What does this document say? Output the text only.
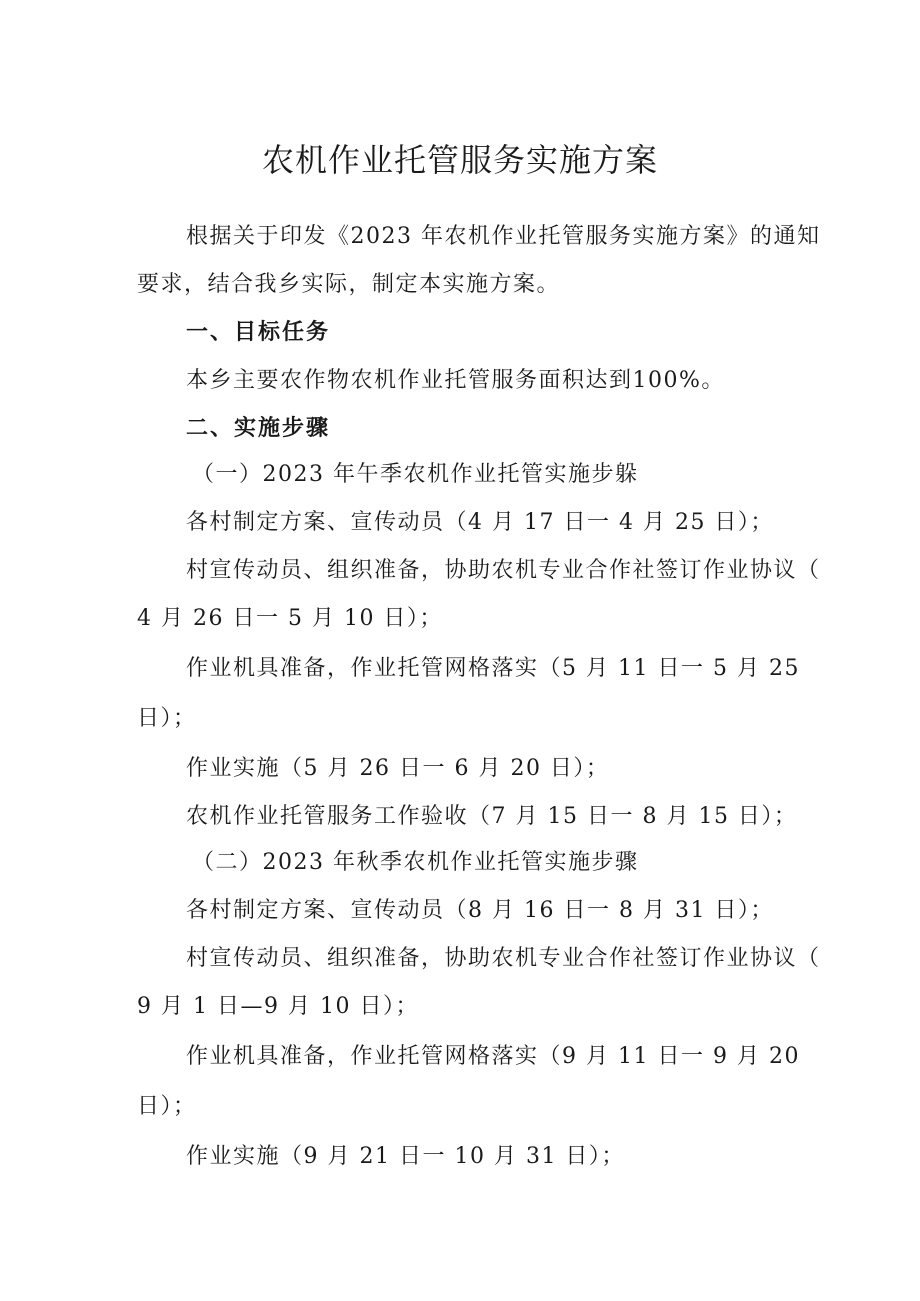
农机作业托管服务实施方案
根据关于印发《2023 年农机作业托管服务实施方案》的通知
要求，结合我乡实际，制定本实施方案。
一、目标任务
本乡主要农作物农机作业托管服务面积达到100%。
二、实施步骤
（一）2023 年午季农机作业托管实施步躲
各村制定方案、宣传动员（4 月 17 日一 4 月 25 日）；
村宣传动员、组织准备，协助农机专业合作社签订作业协议（
4 月 26 日一 5 月 10 日）；
作业机具准备，作业托管网格落实（5 月 11 日一 5 月 25
日）；
作业实施（5 月 26 日一 6 月 20 日）；
农机作业托管服务工作验收（7 月 15 日一 8 月 15 日）；
（二）2023 年秋季农机作业托管实施步骤
各村制定方案、宣传动员（8 月 16 日一 8 月 31 日）；
村宣传动员、组织准备，协助农机专业合作社签订作业协议（
9 月 1 日—9 月 10 日）；
作业机具准备，作业托管网格落实（9 月 11 日一 9 月 20
日）；
作业实施（9 月 21 日一 10 月 31 日）；
